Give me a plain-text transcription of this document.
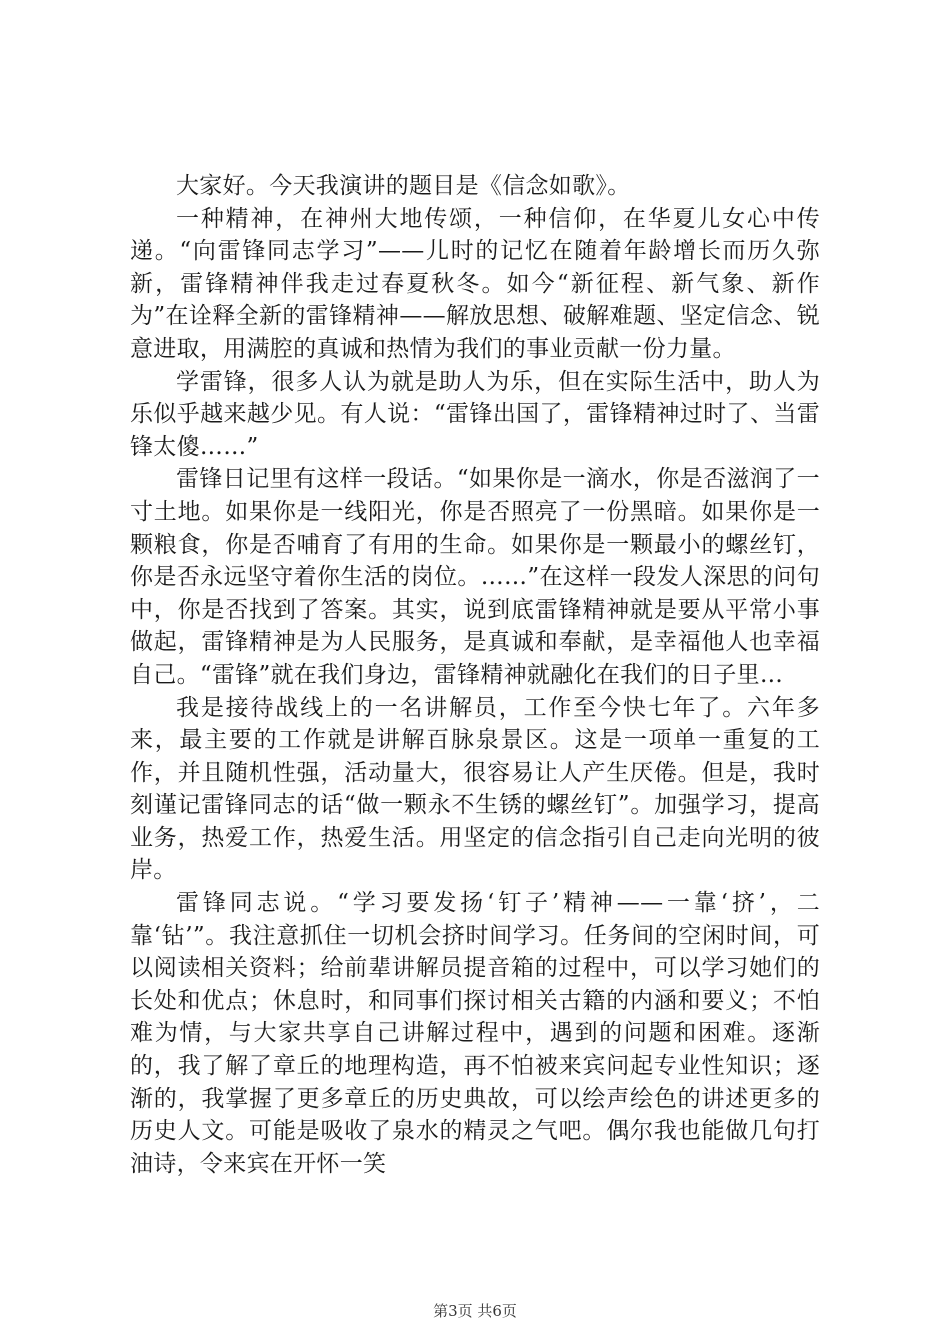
大家好。今天我演讲的题目是《信念如歌》。

一种精神，在神州大地传颂，一种信仰，在华夏儿女心中传递。“向雷锋同志学习”——儿时的记忆在随着年龄增长而历久弥新，雷锋精神伴我走过春夏秋冬。如今“新征程、新气象、新作为”在诠释全新的雷锋精神——解放思想、破解难题、坚定信念、锐意进取，用满腔的真诚和热情为我们的事业贡献一份力量。

学雷锋，很多人认为就是助人为乐，但在实际生活中，助人为乐似乎越来越少见。有人说：“雷锋出国了，雷锋精神过时了、当雷锋太傻……”

雷锋日记里有这样一段话。“如果你是一滴水，你是否滋润了一寸土地。如果你是一线阳光，你是否照亮了一份黑暗。如果你是一颗粮食，你是否哺育了有用的生命。如果你是一颗最小的螺丝钉，你是否永远坚守着你生活的岗位。……”在这样一段发人深思的问句中，你是否找到了答案。其实，说到底雷锋精神就是要从平常小事做起，雷锋精神是为人民服务，是真诚和奉献，是幸福他人也幸福自己。“雷锋”就在我们身边，雷锋精神就融化在我们的日子里…

我是接待战线上的一名讲解员，工作至今快七年了。六年多来，最主要的工作就是讲解百脉泉景区。这是一项单一重复的工作，并且随机性强，活动量大，很容易让人产生厌倦。但是，我时刻谨记雷锋同志的话“做一颗永不生锈的螺丝钉”。加强学习，提高业务，热爱工作，热爱生活。用坚定的信念指引自己走向光明的彼岸。

雷锋同志说。“学习要发扬‘钉子’精神——一靠‘挤’，二靠‘钻’”。我注意抓住一切机会挤时间学习。任务间的空闲时间，可以阅读相关资料；给前辈讲解员提音箱的过程中，可以学习她们的长处和优点；休息时，和同事们探讨相关古籍的内涵和要义；不怕难为情，与大家共享自己讲解过程中，遇到的问题和困难。逐渐的，我了解了章丘的地理构造，再不怕被来宾问起专业性知识；逐渐的，我掌握了更多章丘的历史典故，可以绘声绘色的讲述更多的历史人文。可能是吸收了泉水的精灵之气吧。偶尔我也能做几句打油诗，令来宾在开怀一笑

第3页 共6页
